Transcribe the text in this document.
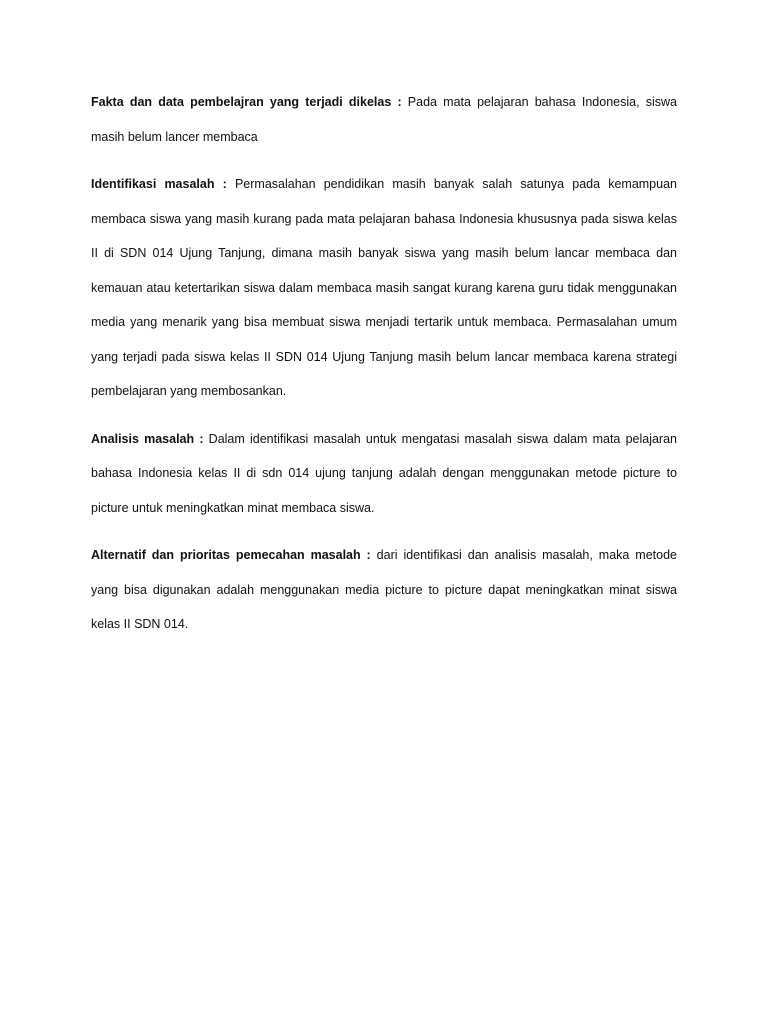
Fakta dan data pembelajran yang terjadi dikelas : Pada mata pelajaran bahasa Indonesia, siswa masih belum lancer membaca

Identifikasi masalah : Permasalahan pendidikan masih banyak salah satunya pada kemampuan membaca siswa yang masih kurang pada mata pelajaran bahasa Indonesia khususnya pada siswa kelas II di SDN 014 Ujung Tanjung, dimana masih banyak siswa yang masih belum lancar membaca dan kemauan atau ketertarikan siswa dalam membaca masih sangat kurang karena guru tidak menggunakan media yang menarik yang bisa membuat siswa menjadi tertarik untuk membaca. Permasalahan umum yang terjadi pada siswa kelas II SDN 014 Ujung Tanjung masih belum lancar membaca karena strategi pembelajaran yang membosankan.

Analisis masalah : Dalam identifikasi masalah untuk mengatasi masalah siswa dalam mata pelajaran bahasa Indonesia kelas II di sdn 014 ujung tanjung adalah dengan menggunakan metode picture to picture untuk meningkatkan minat membaca siswa.

Alternatif dan prioritas pemecahan masalah : dari identifikasi dan analisis masalah, maka metode yang bisa digunakan adalah menggunakan media picture to picture dapat meningkatkan minat siswa kelas II SDN 014.
